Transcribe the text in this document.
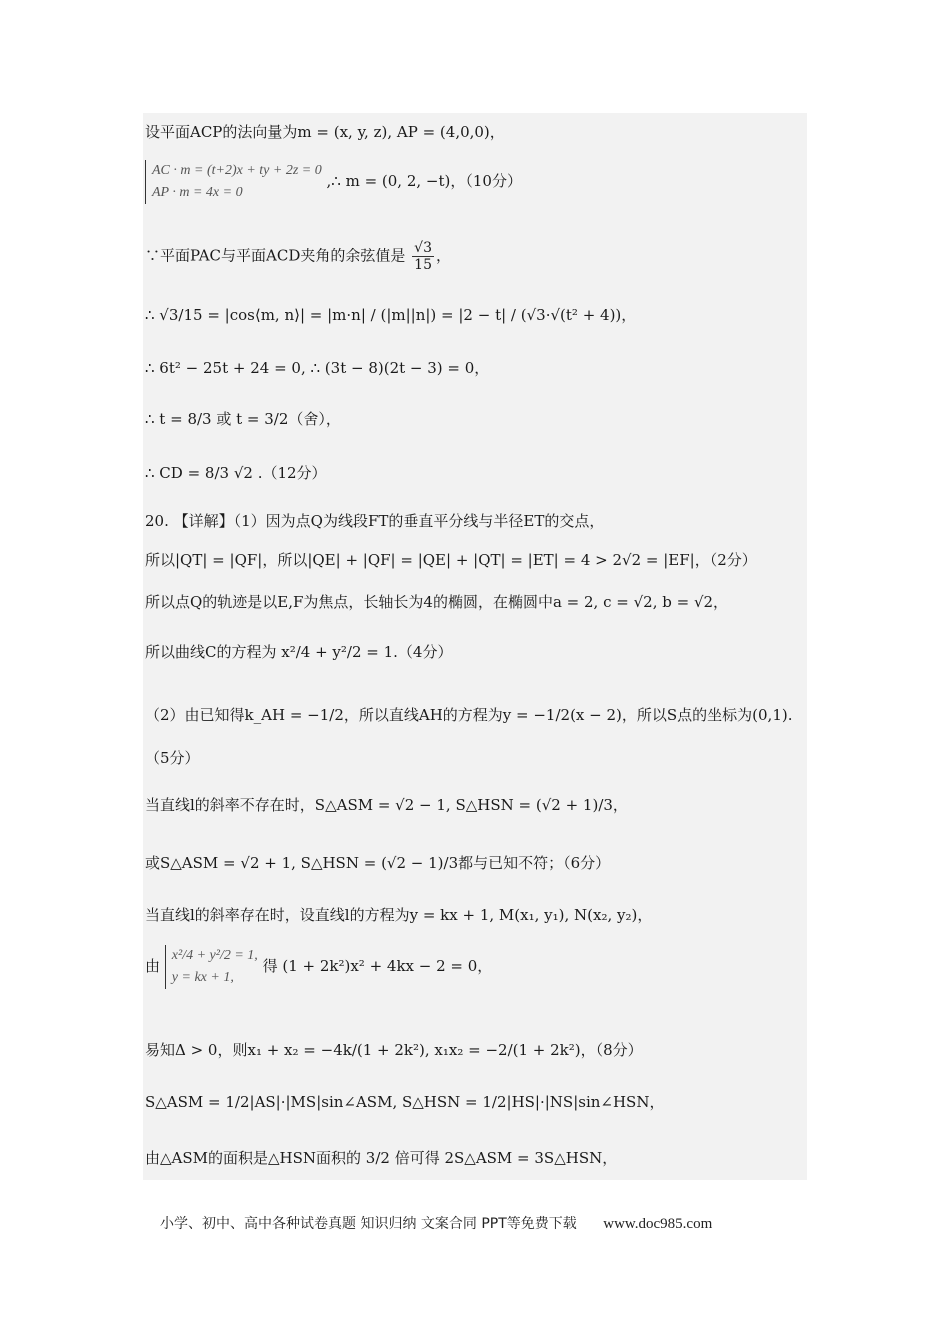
设平面ACP的法向量为m = (x, y, z), AP = (4,0,0)，
AC · m = (t+2)x + ty + 2z = 0
AP · m = 4x = 0
,∴ m = (0, 2, −t)，（10分）
∵平面PAC与平面ACD夹角的余弦值是 $\frac{√3}{15}$ ，
∴ √3/15 = |cos⟨m, n⟩| = |m·n| / (|m||n|) = |2 − t| / (√3·√(t² + 4))，
∴ 6t² − 25t + 24 = 0, ∴ (3t − 8)(2t − 3) = 0，
∴ t = 8/3 或 t = 3/2（舍），
∴ CD = 8/3 √2 .（12分）
20. 【详解】（1）因为点Q为线段FT的垂直平分线与半径ET的交点，
所以|QT| = |QF|，所以|QE| + |QF| = |QE| + |QT| = |ET| = 4 > 2√2 = |EF|，（2分）
所以点Q的轨迹是以E,F为焦点，长轴长为4的椭圆，在椭圆中a = 2, c = √2, b = √2，
所以曲线C的方程为 x²/4 + y²/2 = 1.（4分）
（2）由已知得k_AH = −1/2，所以直线AH的方程为y = −1/2(x − 2)，所以S点的坐标为(0,1).
（5分）
当直线l的斜率不存在时，S△ASM = √2 − 1, S△HSN = (√2 + 1)/3，
或S△ASM = √2 + 1, S△HSN = (√2 − 1)/3都与已知不符；（6分）
当直线l的斜率存在时，设直线l的方程为y = kx + 1, M(x₁, y₁), N(x₂, y₂)，
由
x²/4 + y²/2 = 1,
y = kx + 1,
得 (1 + 2k²)x² + 4kx − 2 = 0，
易知Δ > 0，则x₁ + x₂ = −4k/(1 + 2k²), x₁x₂ = −2/(1 + 2k²)，（8分）
S△ASM = 1/2|AS|·|MS|sin∠ASM, S△HSN = 1/2|HS|·|NS|sin∠HSN，
由△ASM的面积是△HSN面积的 3/2 倍可得 2S△ASM = 3S△HSN，
小学、初中、高中各种试卷真题 知识归纳 文案合同 PPT等免费下载 www.doc985.com
